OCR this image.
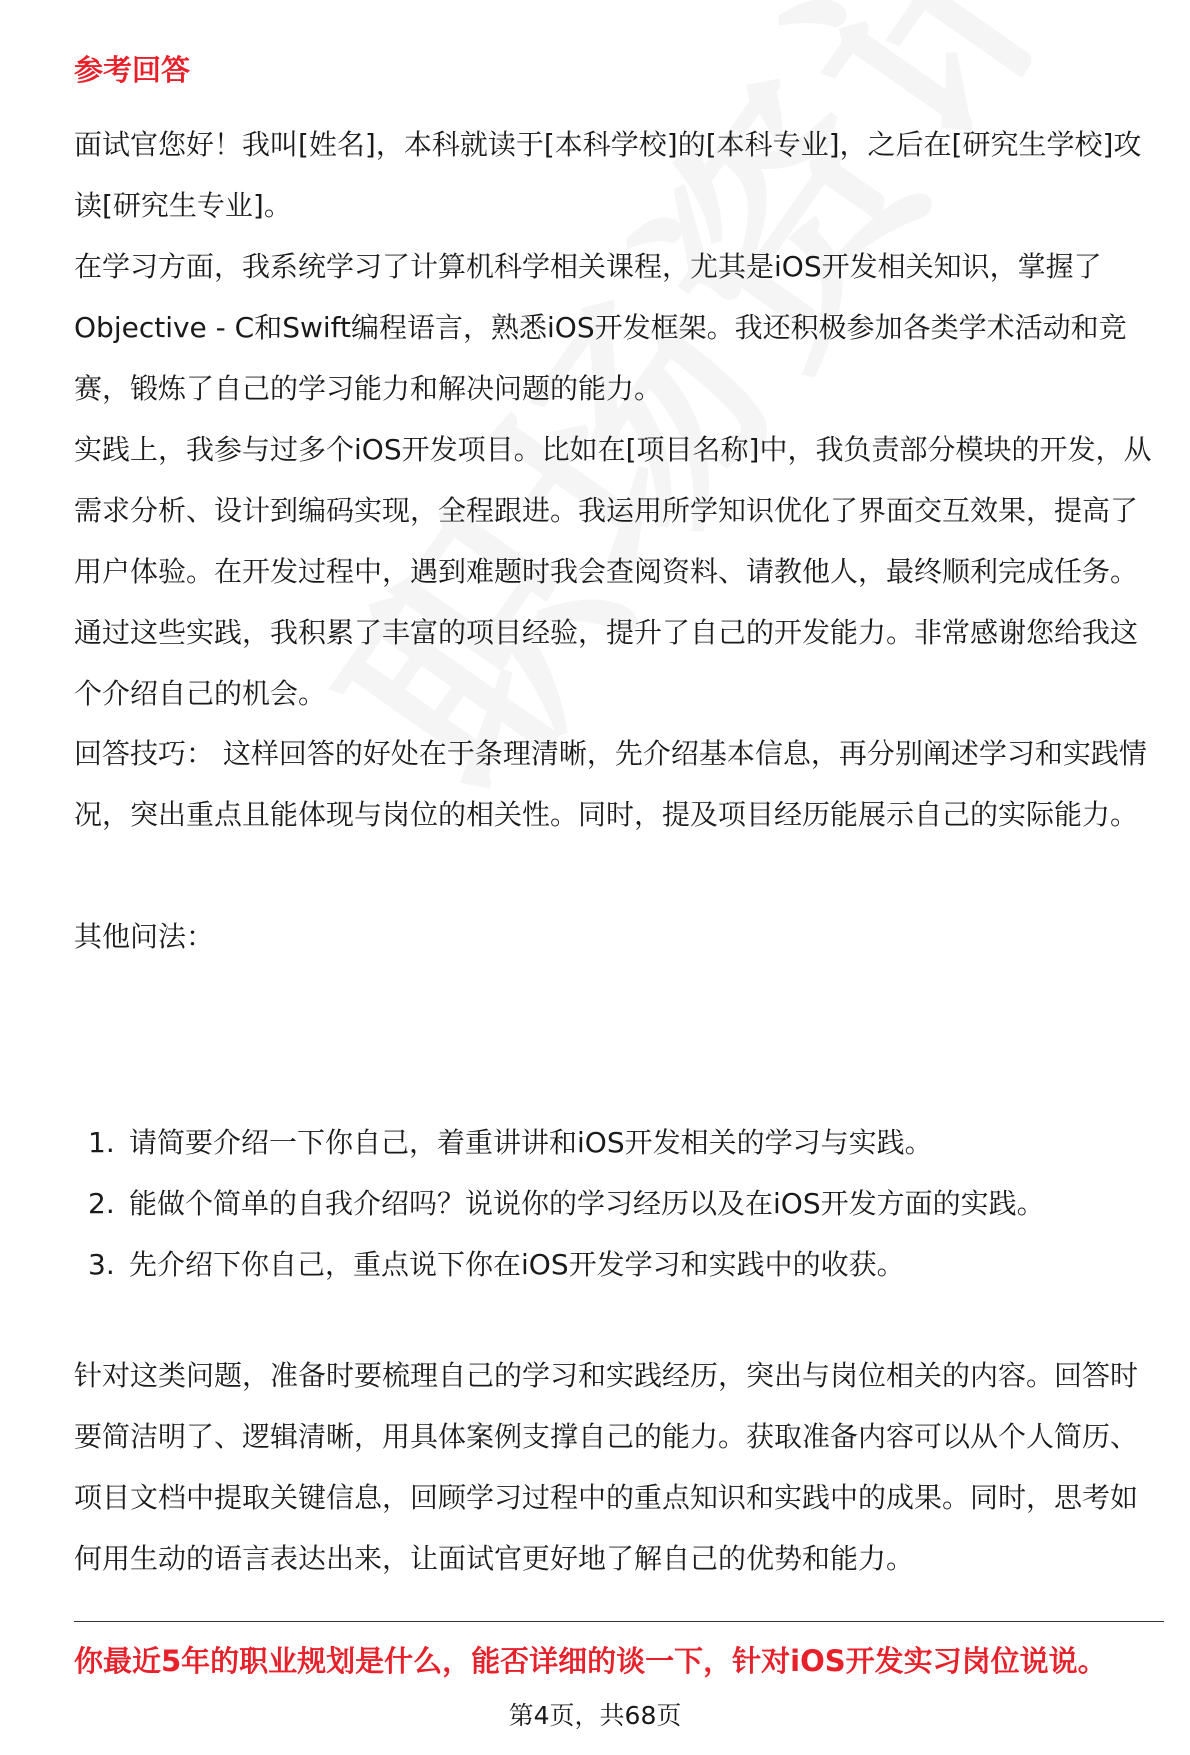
参考回答

面试官您好！我叫[姓名]，本科就读于[本科学校]的[本科专业]，之后在[研究生学校]攻读[研究生专业]。

在学习方面，我系统学习了计算机科学相关课程，尤其是iOS开发相关知识，掌握了Objective - C和Swift编程语言，熟悉iOS开发框架。我还积极参加各类学术活动和竞赛，锻炼了自己的学习能力和解决问题的能力。

实践上，我参与过多个iOS开发项目。比如在[项目名称]中，我负责部分模块的开发，从需求分析、设计到编码实现，全程跟进。我运用所学知识优化了界面交互效果，提高了用户体验。在开发过程中，遇到难题时我会查阅资料、请教他人，最终顺利完成任务。通过这些实践，我积累了丰富的项目经验，提升了自己的开发能力。非常感谢您给我这个介绍自己的机会。

回答技巧： 这样回答的好处在于条理清晰，先介绍基本信息，再分别阐述学习和实践情况，突出重点且能体现与岗位的相关性。同时，提及项目经历能展示自己的实际能力。

其他问法：

1. 请简要介绍一下你自己，着重讲讲和iOS开发相关的学习与实践。
2. 能做个简单的自我介绍吗？说说你的学习经历以及在iOS开发方面的实践。
3. 先介绍下你自己，重点说下你在iOS开发学习和实践中的收获。

针对这类问题，准备时要梳理自己的学习和实践经历，突出与岗位相关的内容。回答时要简洁明了、逻辑清晰，用具体案例支撑自己的能力。获取准备内容可以从个人简历、项目文档中提取关键信息，回顾学习过程中的重点知识和实践中的成果。同时，思考如何用生动的语言表达出来，让面试官更好地了解自己的优势和能力。

你最近5年的职业规划是什么，能否详细的谈一下，针对iOS开发实习岗位说说。
第4页，共68页
